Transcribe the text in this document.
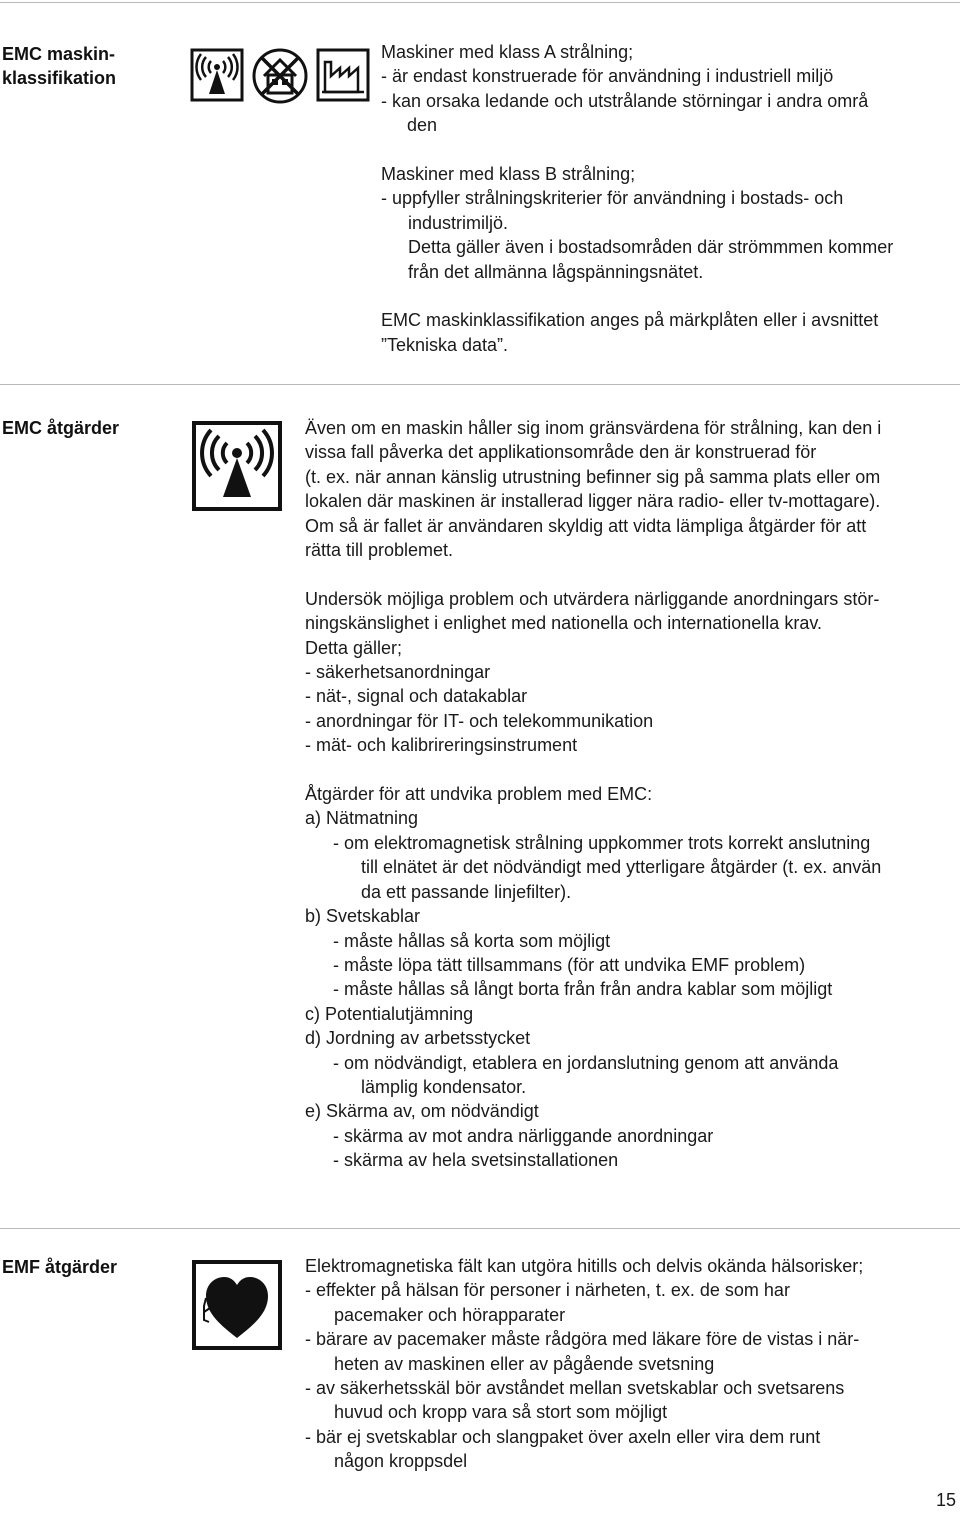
EMC maskin-
klassifikation
Maskiner med klass A strålning;
- är endast konstruerade för användning i industriell miljö
- kan orsaka ledande och utstrålande störningar i andra områ
den
Maskiner med klass B strålning;
- uppfyller strålningskriterier för användning i bostads- och
industrimiljö.
Detta gäller även i bostadsområden där strömmmen kommer
från det allmänna lågspänningsnätet.
EMC maskinklassifikation anges på märkplåten eller i avsnittet
”Tekniska data”.
EMC åtgärder	Även om en maskin håller sig inom gränsvärdena för strålning, kan den i
vissa fall påverka det applikationsområde den är konstruerad för
(t. ex. när annan känslig utrustning befinner sig på samma plats eller om
lokalen där maskinen är installerad ligger nära radio- eller tv-mottagare).
Om så är fallet är användaren skyldig att vidta lämpliga åtgärder för att
rätta till problemet.
Undersök möjliga problem och utvärdera närliggande anordningars stör-
ningskänslighet i enlighet med nationella och internationella krav.
Detta gäller;
- säkerhetsanordningar
- nät-, signal och datakablar
- anordningar för IT- och telekommunikation
- mät- och kalibrireringsinstrument
Åtgärder för att undvika problem med EMC:
a) Nätmatning
- om elektromagnetisk strålning uppkommer trots korrekt anslutning
till elnätet är det nödvändigt med ytterligare åtgärder (t. ex. använ
da ett passande linjefilter).
b) Svetskablar
- måste hållas så korta som möjligt
- måste löpa tätt tillsammans (för att undvika EMF problem)
- måste hållas så långt borta från från andra kablar som möjligt
c) Potentialutjämning
d) Jordning av arbetsstycket
- om nödvändigt, etablera en jordanslutning genom att använda
lämplig kondensator.
e) Skärma av, om nödvändigt
- skärma av mot andra närliggande anordningar
- skärma av hela svetsinstallationen
EMF åtgärder	Elektromagnetiska fält kan utgöra hitills och delvis okända hälsorisker;
- effekter på hälsan för personer i närheten, t. ex. de som har
pacemaker och hörapparater
- bärare av pacemaker måste rådgöra med läkare före de vistas i när-
heten av maskinen eller av pågående svetsning
- av säkerhetsskäl bör avståndet mellan svetskablar och svetsarens
huvud och kropp vara så stort som möjligt
- bär ej svetskablar och slangpaket över axeln eller vira dem runt
någon kroppsdel
15
